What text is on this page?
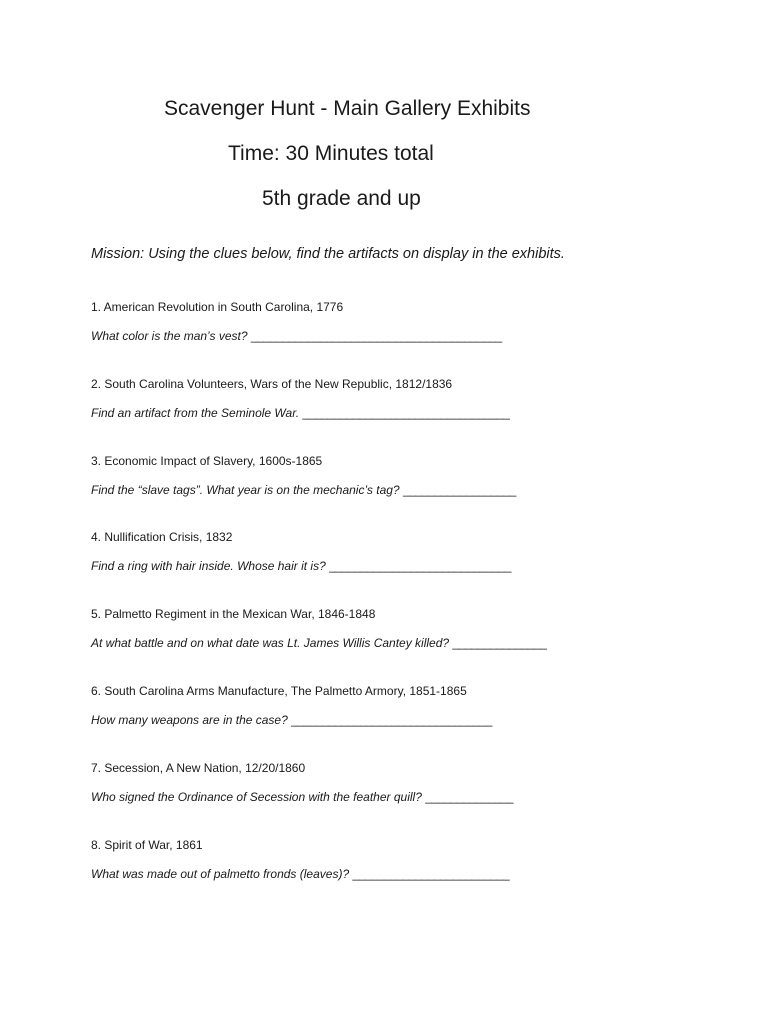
Scavenger Hunt - Main Gallery Exhibits
Time: 30 Minutes total
5th grade and up
Mission: Using the clues below, find the artifacts on display in the exhibits.
1. American Revolution in South Carolina, 1776
What color is the man’s vest? ________________________________________
2. South Carolina Volunteers, Wars of the New Republic, 1812/1836
Find an artifact from the Seminole War. _________________________________
3. Economic Impact of Slavery, 1600s-1865
Find the “slave tags”. What year is on the mechanic’s tag? __________________
4. Nullification Crisis, 1832
Find a ring with hair inside. Whose hair it is? _____________________________
5. Palmetto Regiment in the Mexican War, 1846-1848
At what battle and on what date was Lt. James Willis Cantey killed? _______________
6. South Carolina Arms Manufacture, The Palmetto Armory, 1851-1865
How many weapons are in the case? ________________________________
7. Secession, A New Nation, 12/20/1860
Who signed the Ordinance of Secession with the feather quill? ______________
8. Spirit of War, 1861
What was made out of palmetto fronds (leaves)? _________________________
